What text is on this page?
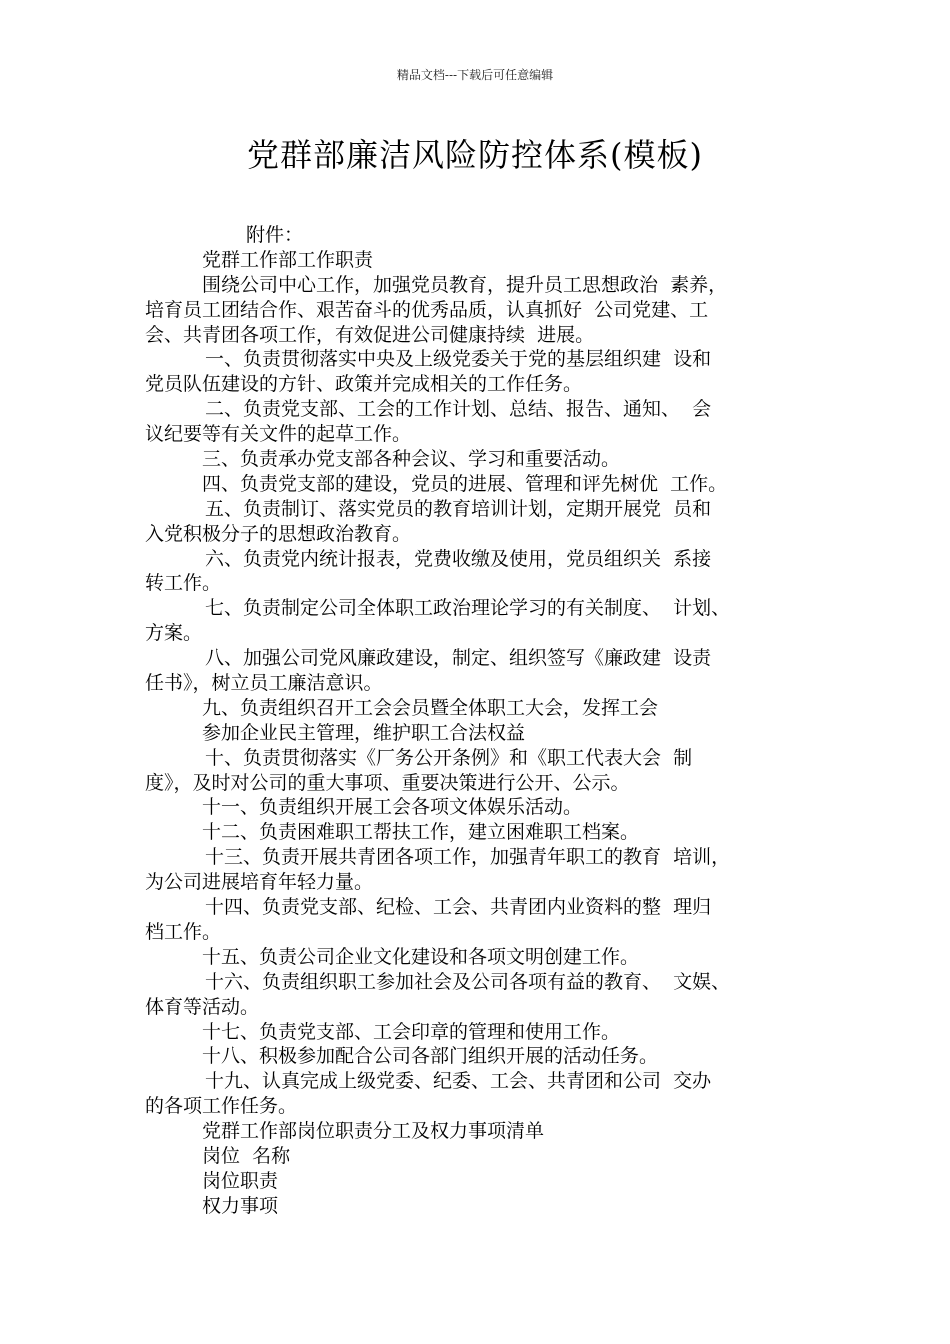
精品文档---下载后可任意编辑
党群部廉洁风险防控体系(模板)
附件：
党群工作部工作职责
围绕公司中心工作，加强党员教育，提升员工思想政治  素养，
培育员工团结合作、艰苦奋斗的优秀品质，认真抓好  公司党建、工
会、共青团各项工作，有效促进公司健康持续  进展。
一、负责贯彻落实中央及上级党委关于党的基层组织建  设和
党员队伍建设的方针、政策并完成相关的工作任务。
二、负责党支部、工会的工作计划、总结、报告、通知、  会
议纪要等有关文件的起草工作。
三、负责承办党支部各种会议、学习和重要活动。
四、负责党支部的建设，党员的进展、管理和评先树优  工作。
五、负责制订、落实党员的教育培训计划，定期开展党  员和
入党积极分子的思想政治教育。
六、负责党内统计报表，党费收缴及使用，党员组织关  系接
转工作。
七、负责制定公司全体职工政治理论学习的有关制度、  计划、
方案。
八、加强公司党风廉政建设，制定、组织签写《廉政建  设责
任书》，树立员工廉洁意识。
九、负责组织召开工会会员暨全体职工大会，发挥工会
参加企业民主管理，维护职工合法权益
十、负责贯彻落实《厂务公开条例》和《职工代表大会  制
度》，及时对公司的重大事项、重要决策进行公开、公示。
十一、负责组织开展工会各项文体娱乐活动。
十二、负责困难职工帮扶工作，建立困难职工档案。
十三、负责开展共青团各项工作，加强青年职工的教育  培训，
为公司进展培育年轻力量。
十四、负责党支部、纪检、工会、共青团内业资料的整  理归
档工作。
十五、负责公司企业文化建设和各项文明创建工作。
十六、负责组织职工参加社会及公司各项有益的教育、  文娱、
体育等活动。
十七、负责党支部、工会印章的管理和使用工作。
十八、积极参加配合公司各部门组织开展的活动任务。
十九、认真完成上级党委、纪委、工会、共青团和公司  交办
的各项工作任务。
党群工作部岗位职责分工及权力事项清单
岗位  名称
岗位职责
权力事项
